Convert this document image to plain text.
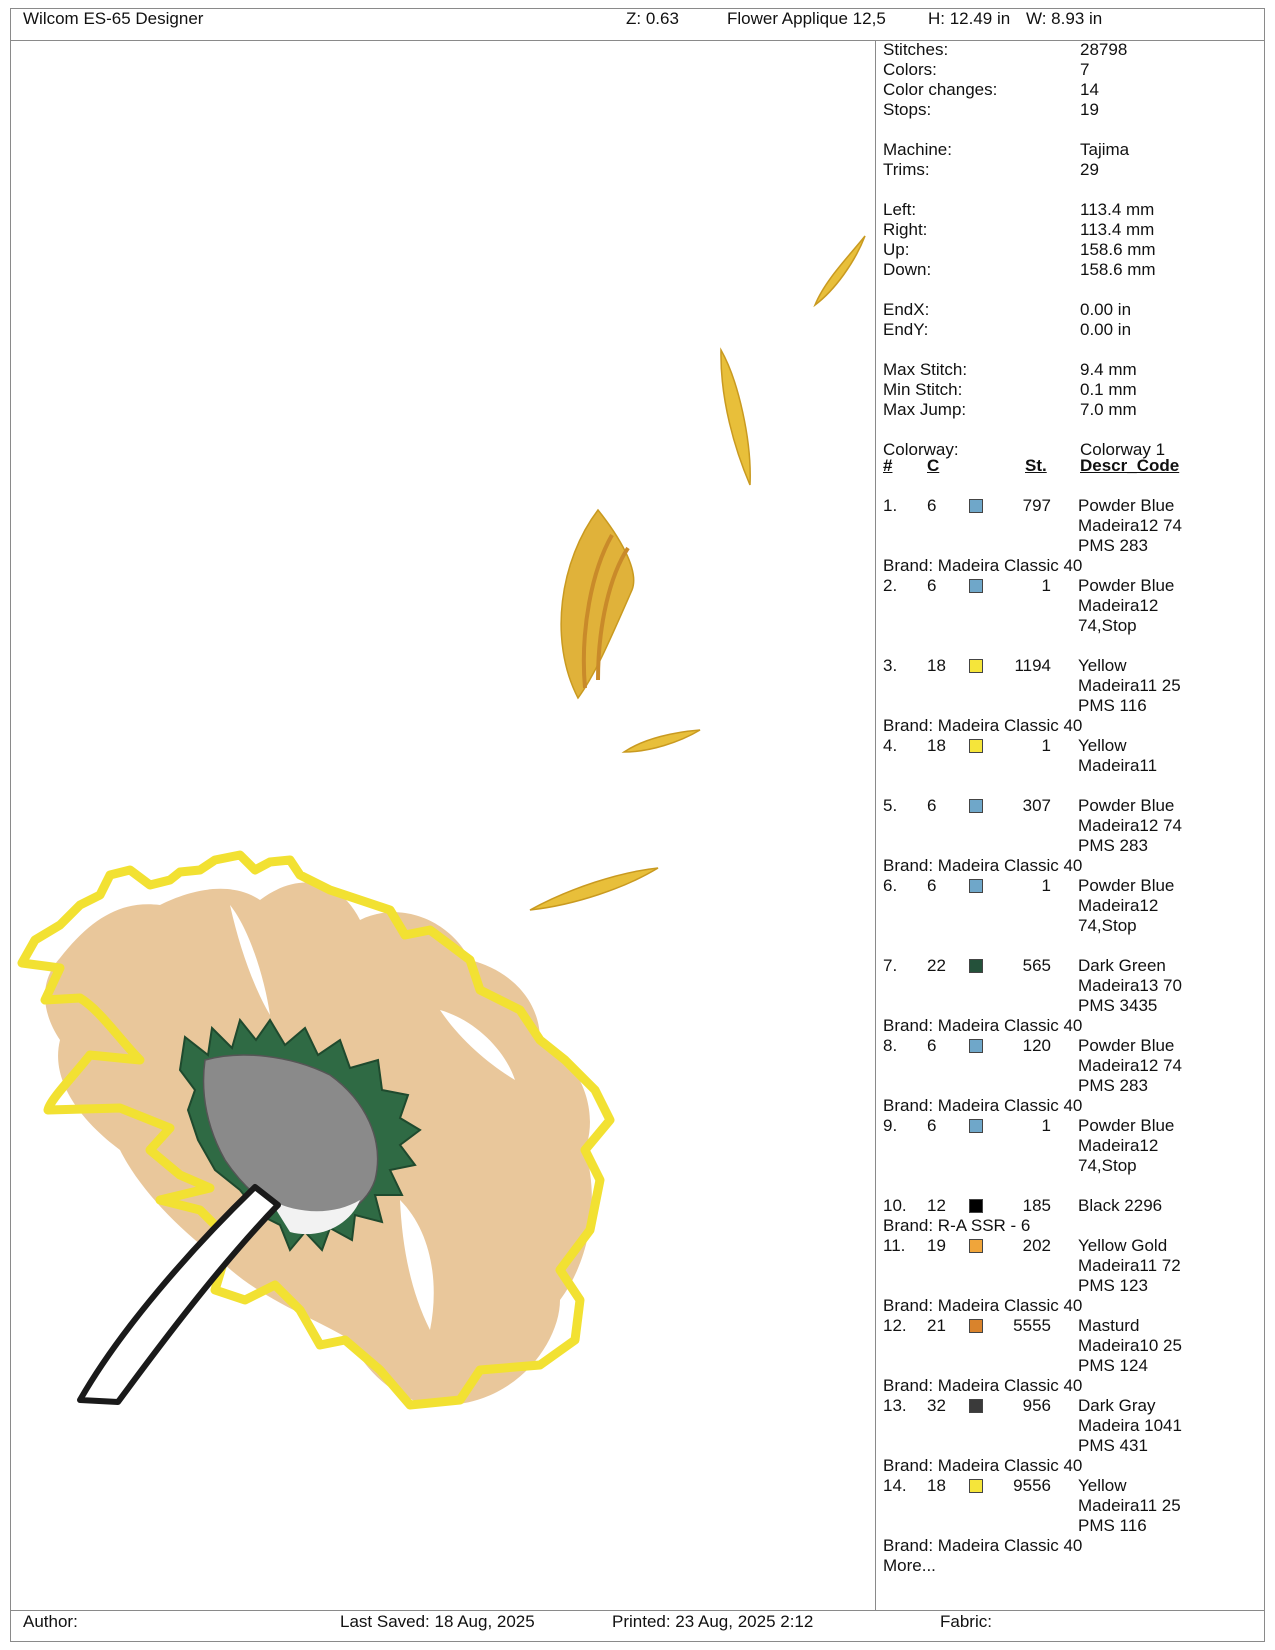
Wilcom ES-65 Designer	Z: 0.63	Flower Applique 12,5 H: 12.49 in W: 8.93 in
Stitches:	28798
Colors:	7
Color changes:	14
Stops:	19
Machine:	Tajima
Trims:	29
Left:	113.4 mm
Right:	113.4 mm
Up:	158.6 mm
Down:	158.6 mm
EndX:	0.00 in
EndY:	0.00 in
Max Stitch:	9.4 mm
Min Stitch:	0.1 mm
Max Jump:	7.0 mm
Colorway:	Colorway 1
# C	St. Descr_Code
1. 6	797 Powder Blue
Madeira12 74
PMS 283
Brand: Madeira Classic 40
2. 6	1 Powder Blue
Madeira12
74,Stop
3. 18	1194 Yellow
Madeira11 25
PMS 116
Brand: Madeira Classic 40
4. 18	1 Yellow
Madeira11
5. 6	307 Powder Blue
Madeira12 74
PMS 283
Brand: Madeira Classic 40
6. 6	1 Powder Blue
Madeira12
74,Stop
7. 22	565 Dark Green
Madeira13 70
PMS 3435
Brand: Madeira Classic 40
8. 6	120 Powder Blue
Madeira12 74
PMS 283
Brand: Madeira Classic 40
9. 6	1 Powder Blue
Madeira12
74,Stop
10. 12	185 Black 2296
Brand: R-A SSR - 6
11. 19	202 Yellow Gold
Madeira11 72
PMS 123
Brand: Madeira Classic 40
12. 21	5555 Masturd
Madeira10 25
PMS 124
Brand: Madeira Classic 40
13. 32	956 Dark Gray
Madeira 1041
PMS 431
Brand: Madeira Classic 40
14. 18	9556 Yellow
Madeira11 25
PMS 116
Brand: Madeira Classic 40
More...
Author:	Last Saved: 18 Aug, 2025	Printed: 23 Aug, 2025 2:12	Fabric:
